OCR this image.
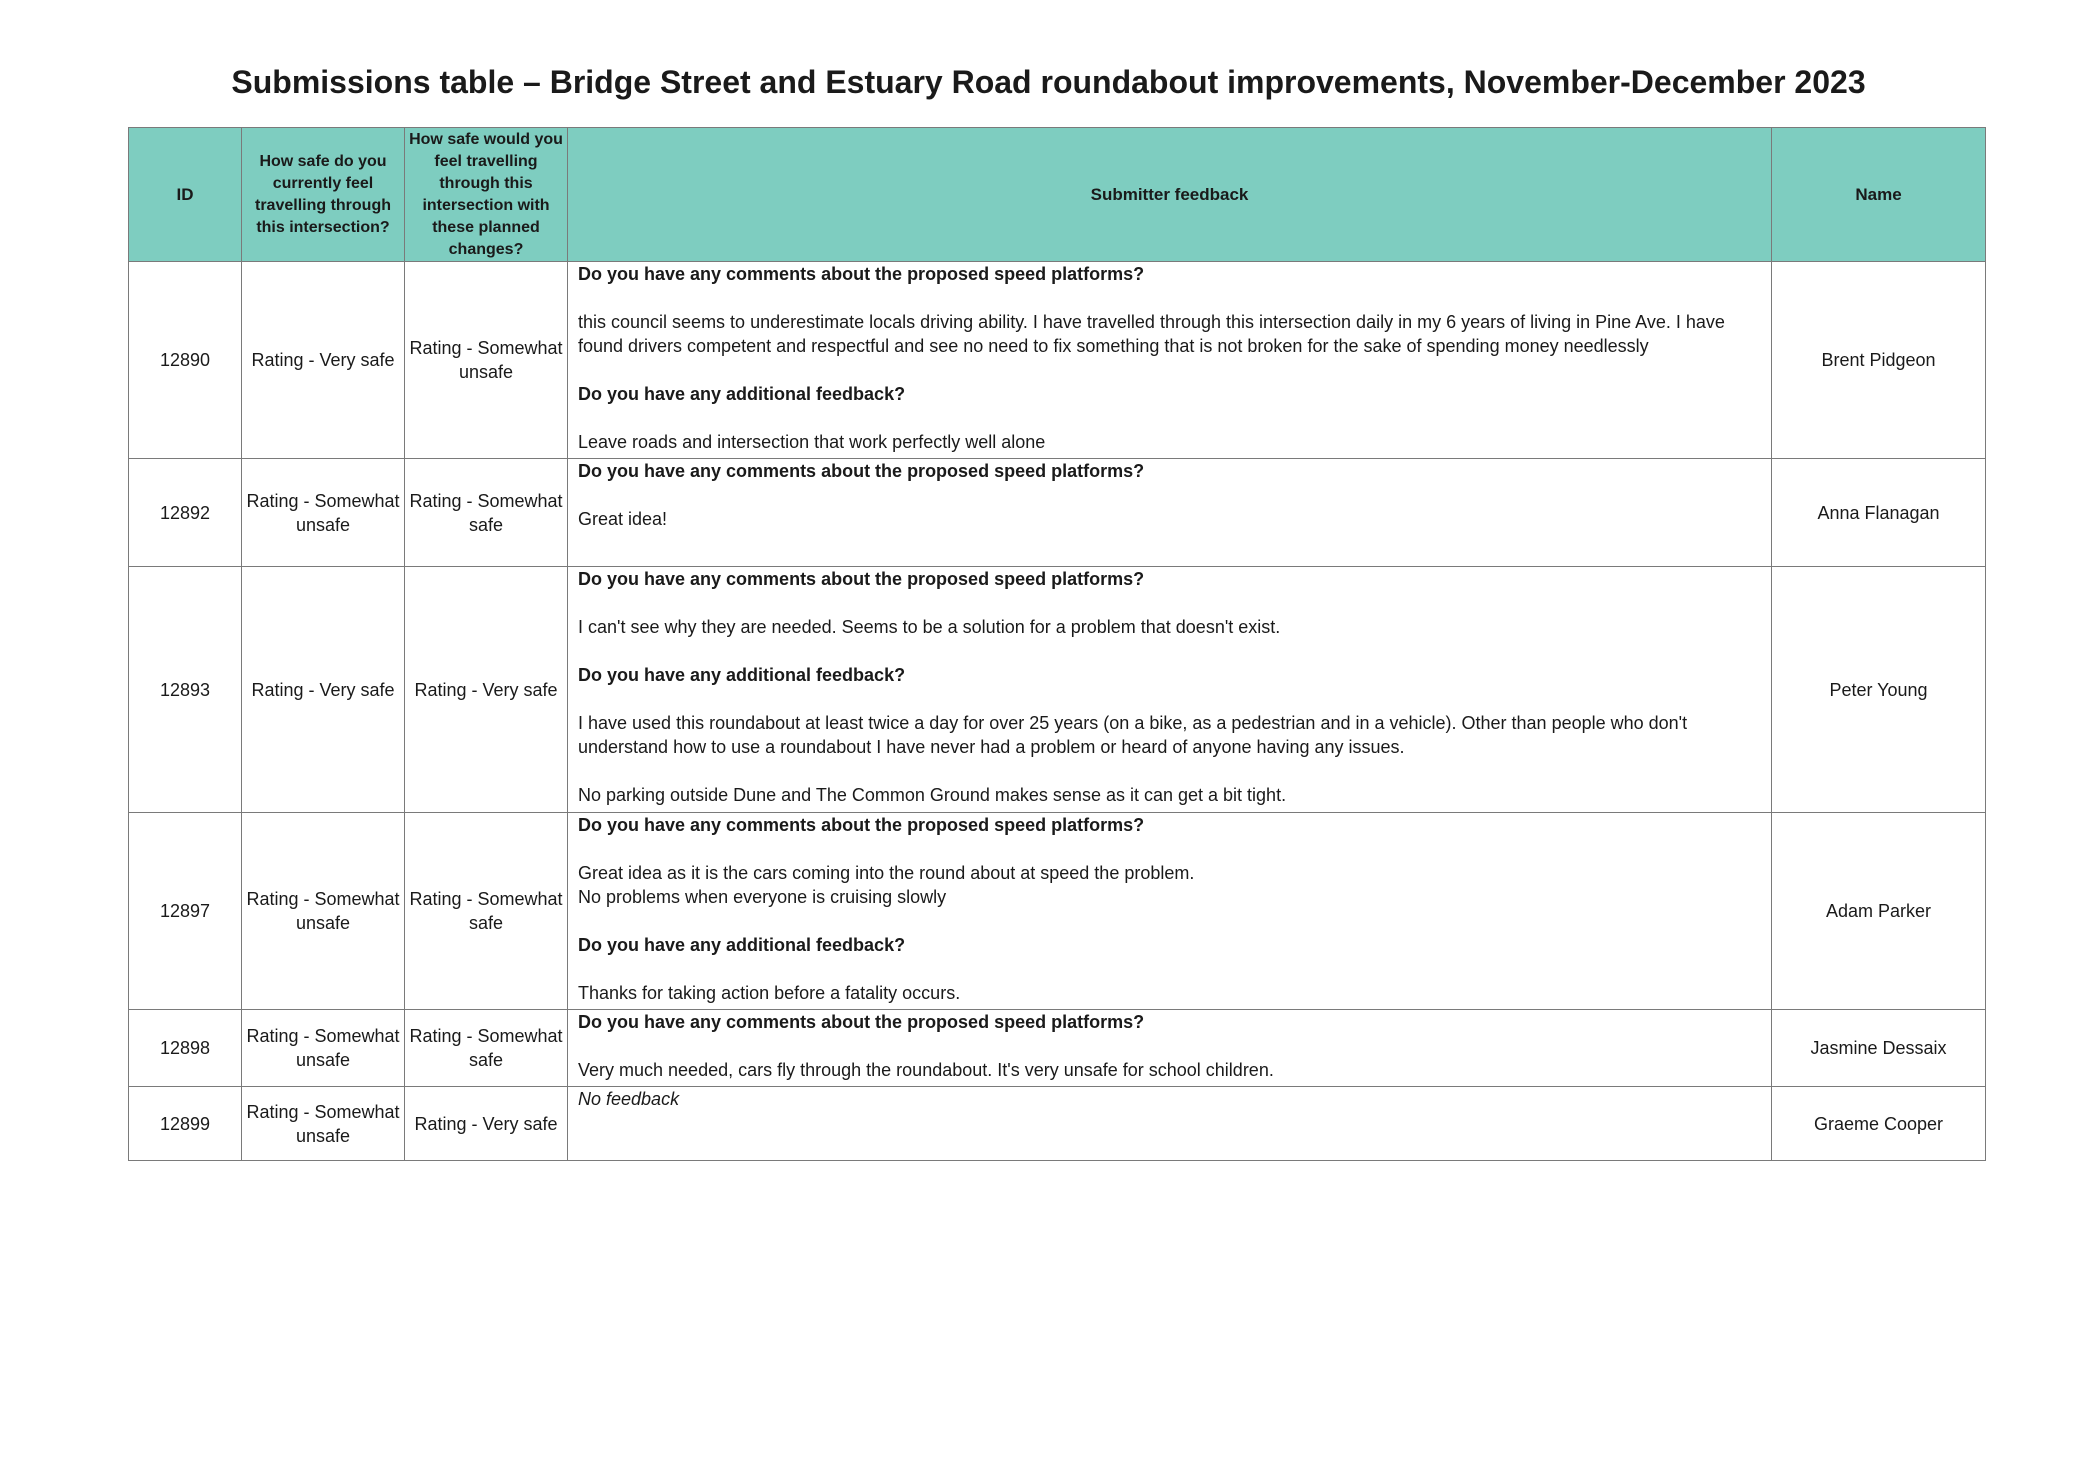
Submissions table – Bridge Street and Estuary Road roundabout improvements, November-December 2023
ID	How safe do you currently feel travelling through this intersection?	How safe would you feel travelling through this intersection with these planned changes?	Submitter feedback	Name
12890	Rating - Very safe	Rating - Somewhat unsafe	Do you have any comments about the proposed speed platforms?
this council seems to underestimate locals driving ability. I have travelled through this intersection daily in my 6 years of living in Pine Ave. I have found drivers competent and respectful and see no need to fix something that is not broken for the sake of spending money needlessly
Do you have any additional feedback?
Leave roads and intersection that work perfectly well alone	Brent Pidgeon
12892	Rating - Somewhat unsafe	Rating - Somewhat safe	Do you have any comments about the proposed speed platforms?
Great idea!	Anna Flanagan
12893	Rating - Very safe	Rating - Very safe	Do you have any comments about the proposed speed platforms?
I can't see why they are needed. Seems to be a solution for a problem that doesn't exist.
Do you have any additional feedback?
I have used this roundabout at least twice a day for over 25 years (on a bike, as a pedestrian and in a vehicle). Other than people who don't understand how to use a roundabout I have never had a problem or heard of anyone having any issues.

No parking outside Dune and The Common Ground makes sense as it can get a bit tight.	Peter Young
12897	Rating - Somewhat unsafe	Rating - Somewhat safe	Do you have any comments about the proposed speed platforms?
Great idea as it is the cars coming into the round about at speed the problem.
No problems when everyone is cruising slowly
Do you have any additional feedback?
Thanks for taking action before a fatality occurs.	Adam Parker
12898	Rating - Somewhat unsafe	Rating - Somewhat safe	Do you have any comments about the proposed speed platforms?
Very much needed, cars fly through the roundabout. It's very unsafe for school children.	Jasmine Dessaix
12899	Rating - Somewhat unsafe	Rating - Very safe	No feedback	Graeme Cooper
